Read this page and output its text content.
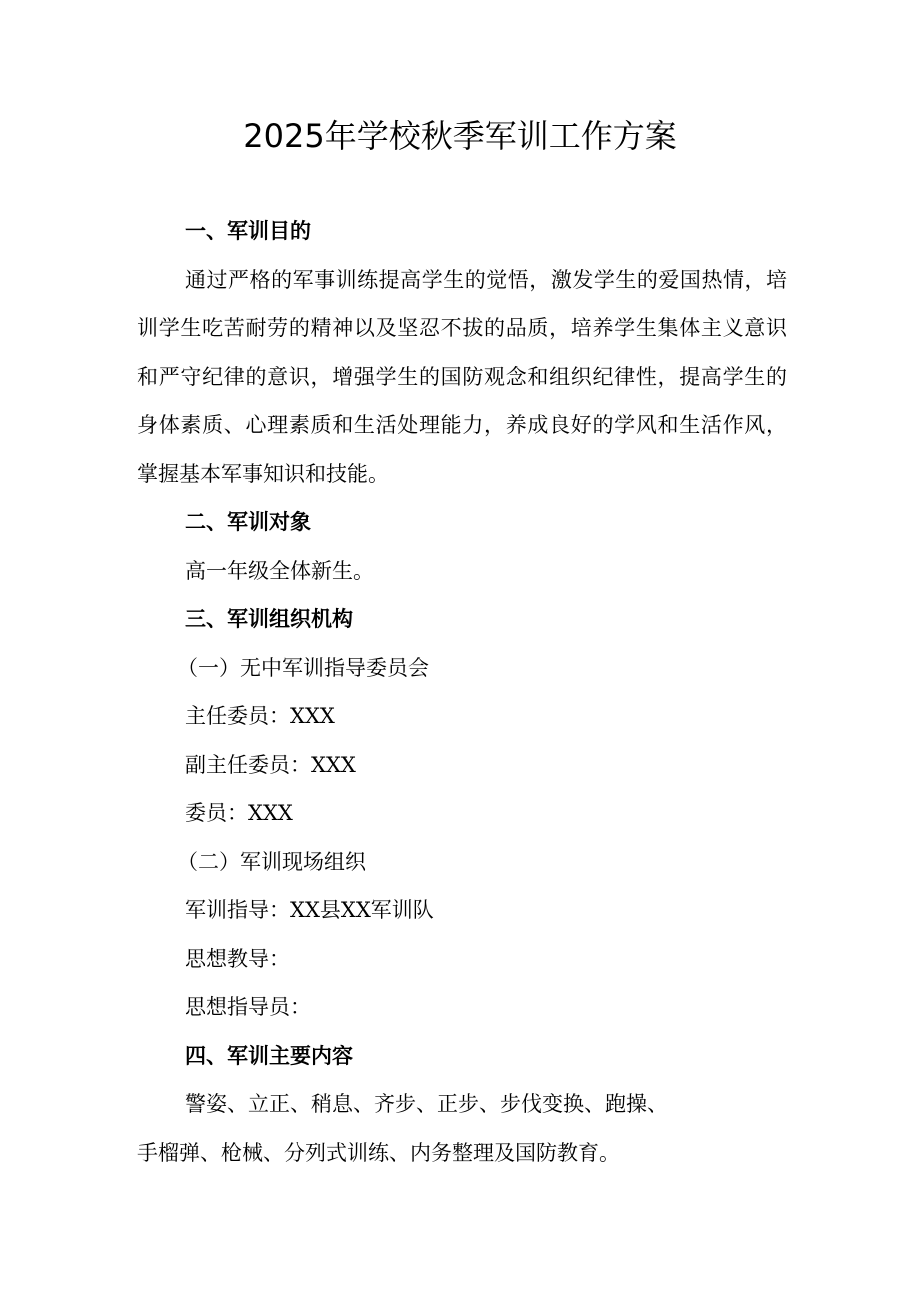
2025年学校秋季军训工作方案
一、军训目的

通过严格的军事训练提高学生的觉悟，激发学生的爱国热情，培训学生吃苦耐劳的精神以及坚忍不拔的品质，培养学生集体主义意识和严守纪律的意识，增强学生的国防观念和组织纪律性，提高学生的身体素质、心理素质和生活处理能力，养成良好的学风和生活作风，掌握基本军事知识和技能。

二、军训对象
高一年级全体新生。
三、军训组织机构
（一）无中军训指导委员会
主任委员：XXX
副主任委员：XXX
委员：XXX
（二）军训现场组织
军训指导：XX县XX军训队
思想教导：
思想指导员：
四、军训主要内容
警姿、立正、稍息、齐步、正步、步伐变换、跑操、
手榴弹、枪械、分列式训练、内务整理及国防教育。
